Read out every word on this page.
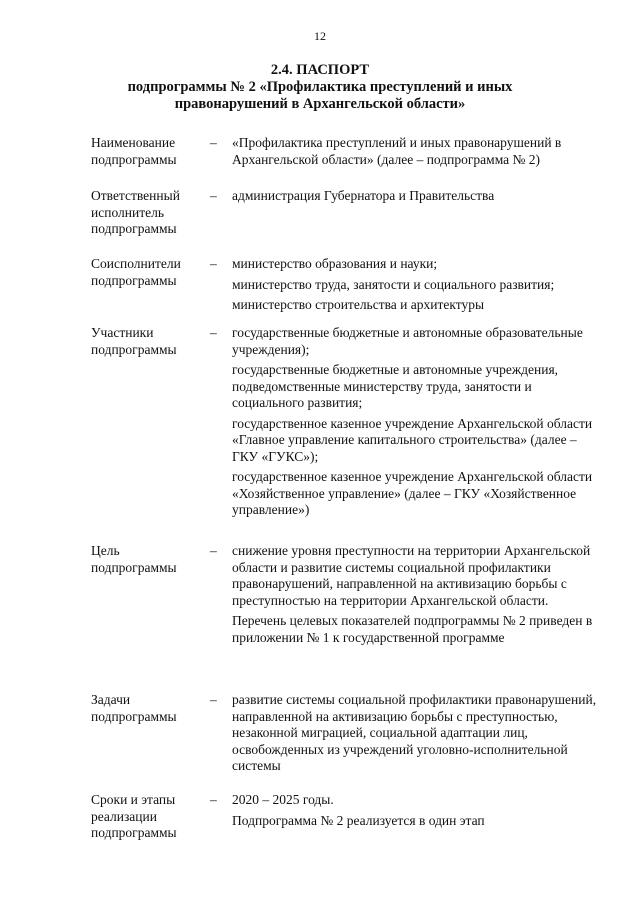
12
2.4. ПАСПОРТ
подпрограммы № 2 «Профилактика преступлений и иных
правонарушений в Архангельской области»
Наименование
подпрограммы
– «Профилактика преступлений и иных правонарушений в Архангельской области» (далее – подпрограмма № 2)

Ответственный
исполнитель
подпрограммы
– администрация Губернатора и Правительства

Соисполнители
подпрограммы
– министерство образования и науки;

министерство труда, занятости и социального развития;

министерство строительства и архитектуры

Участники
подпрограммы
– государственные бюджетные и автономные образовательные учреждения);

государственные бюджетные и автономные учреждения, подведомственные министерству труда, занятости и социального развития;

государственное казенное учреждение Архангельской области «Главное управление капитального строительства» (далее – ГКУ «ГУКС»);

государственное казенное учреждение Архангельской области «Хозяйственное управление» (далее – ГКУ «Хозяйственное управление»)

Цель
подпрограммы
– снижение уровня преступности на территории Архангельской области и развитие системы социальной профилактики правонарушений, направленной на активизацию борьбы с преступностью на территории Архангельской области.

Перечень целевых показателей подпрограммы № 2 приведен в приложении № 1 к государственной программе

Задачи
подпрограммы
– развитие системы социальной профилактики правонарушений, направленной на активизацию борьбы с преступностью, незаконной миграцией, социальной адаптации лиц, освобожденных из учреждений уголовно-исполнительной системы

Сроки и этапы
реализации
подпрограммы
– 2020 – 2025 годы.

Подпрограмма № 2 реализуется в один этап
